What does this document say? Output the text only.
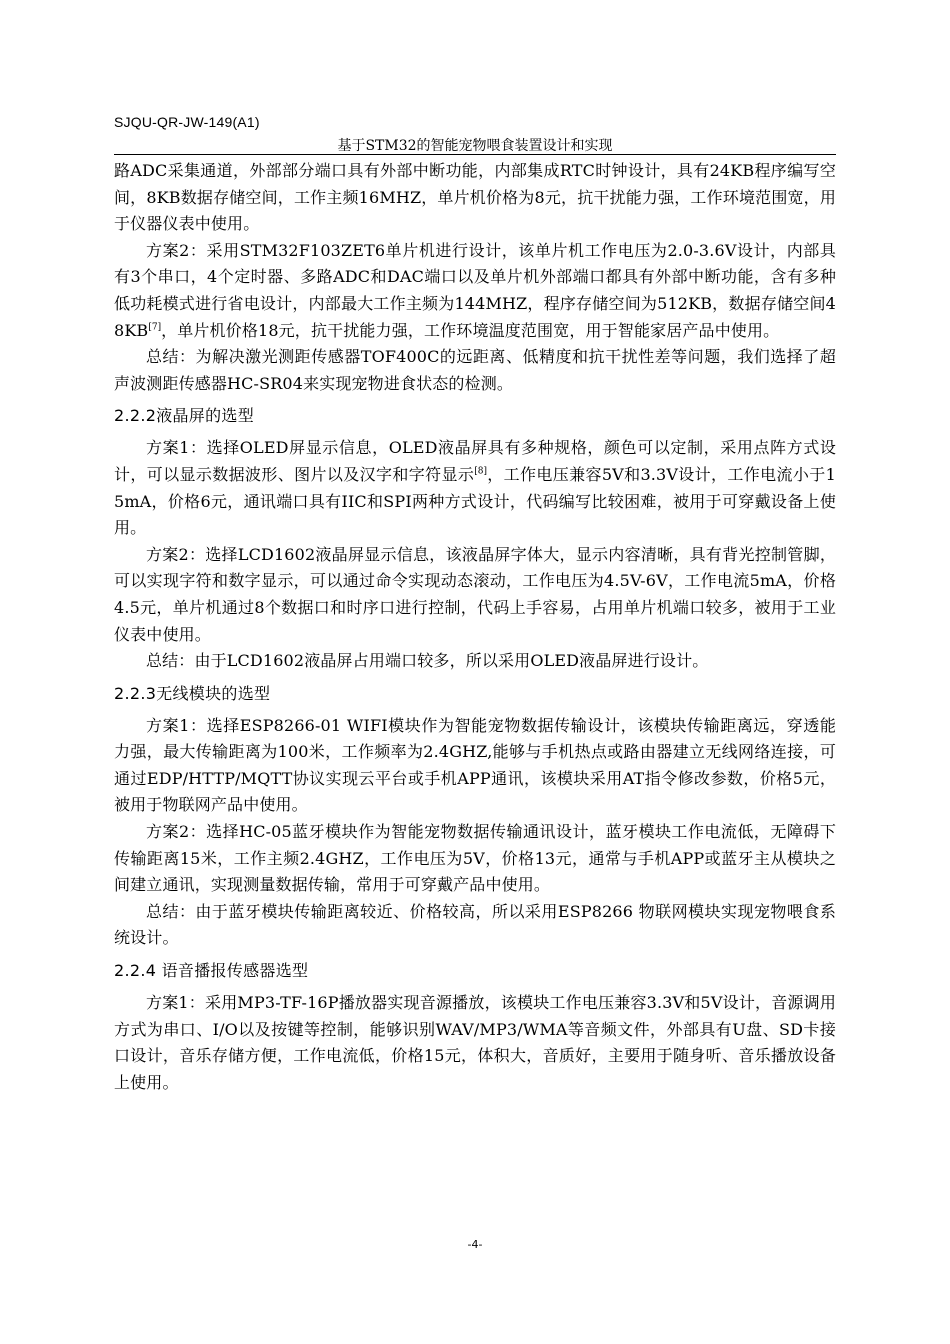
SJQU-QR-JW-149(A1)
基于STM32的智能宠物喂食装置设计和实现

路ADC采集通道，外部部分端口具有外部中断功能，内部集成RTC时钟设计，具有24KB程序编写空间，8KB数据存储空间，工作主频16MHZ，单片机价格为8元，抗干扰能力强，工作环境范围宽，用于仪器仪表中使用。

方案2：采用STM32F103ZET6单片机进行设计，该单片机工作电压为2.0-3.6V设计，内部具有3个串口，4个定时器、多路ADC和DAC端口以及单片机外部端口都具有外部中断功能，含有多种低功耗模式进行省电设计，内部最大工作主频为144MHZ，程序存储空间为512KB，数据存储空间48KB[7]，单片机价格18元，抗干扰能力强，工作环境温度范围宽，用于智能家居产品中使用。

总结：为解决激光测距传感器TOF400C的远距离、低精度和抗干扰性差等问题，我们选择了超声波测距传感器HC-SR04来实现宠物进食状态的检测。

2.2.2液晶屏的选型

方案1：选择OLED屏显示信息，OLED液晶屏具有多种规格，颜色可以定制，采用点阵方式设计，可以显示数据波形、图片以及汉字和字符显示[8]，工作电压兼容5V和3.3V设计，工作电流小于15mA，价格6元，通讯端口具有IIC和SPI两种方式设计，代码编写比较困难，被用于可穿戴设备上使用。

方案2：选择LCD1602液晶屏显示信息，该液晶屏字体大，显示内容清晰，具有背光控制管脚，可以实现字符和数字显示，可以通过命令实现动态滚动，工作电压为4.5V-6V，工作电流5mA，价格4.5元，单片机通过8个数据口和时序口进行控制，代码上手容易，占用单片机端口较多，被用于工业仪表中使用。

总结：由于LCD1602液晶屏占用端口较多，所以采用OLED液晶屏进行设计。

2.2.3无线模块的选型

方案1：选择ESP8266-01 WIFI模块作为智能宠物数据传输设计，该模块传输距离远，穿透能力强，最大传输距离为100米，工作频率为2.4GHZ,能够与手机热点或路由器建立无线网络连接，可通过EDP/HTTP/MQTT协议实现云平台或手机APP通讯，该模块采用AT指令修改参数，价格5元，被用于物联网产品中使用。

方案2：选择HC-05蓝牙模块作为智能宠物数据传输通讯设计，蓝牙模块工作电流低，无障碍下传输距离15米，工作主频2.4GHZ，工作电压为5V，价格13元，通常与手机APP或蓝牙主从模块之间建立通讯，实现测量数据传输，常用于可穿戴产品中使用。

总结：由于蓝牙模块传输距离较近、价格较高，所以采用ESP8266 物联网模块实现宠物喂食系统设计。

2.2.4 语音播报传感器选型

方案1：采用MP3-TF-16P播放器实现音源播放，该模块工作电压兼容3.3V和5V设计，音源调用方式为串口、I/O以及按键等控制，能够识别WAV/MP3/WMA等音频文件，外部具有U盘、SD卡接口设计，音乐存储方便，工作电流低，价格15元，体积大，音质好，主要用于随身听、音乐播放设备上使用。

-4-
